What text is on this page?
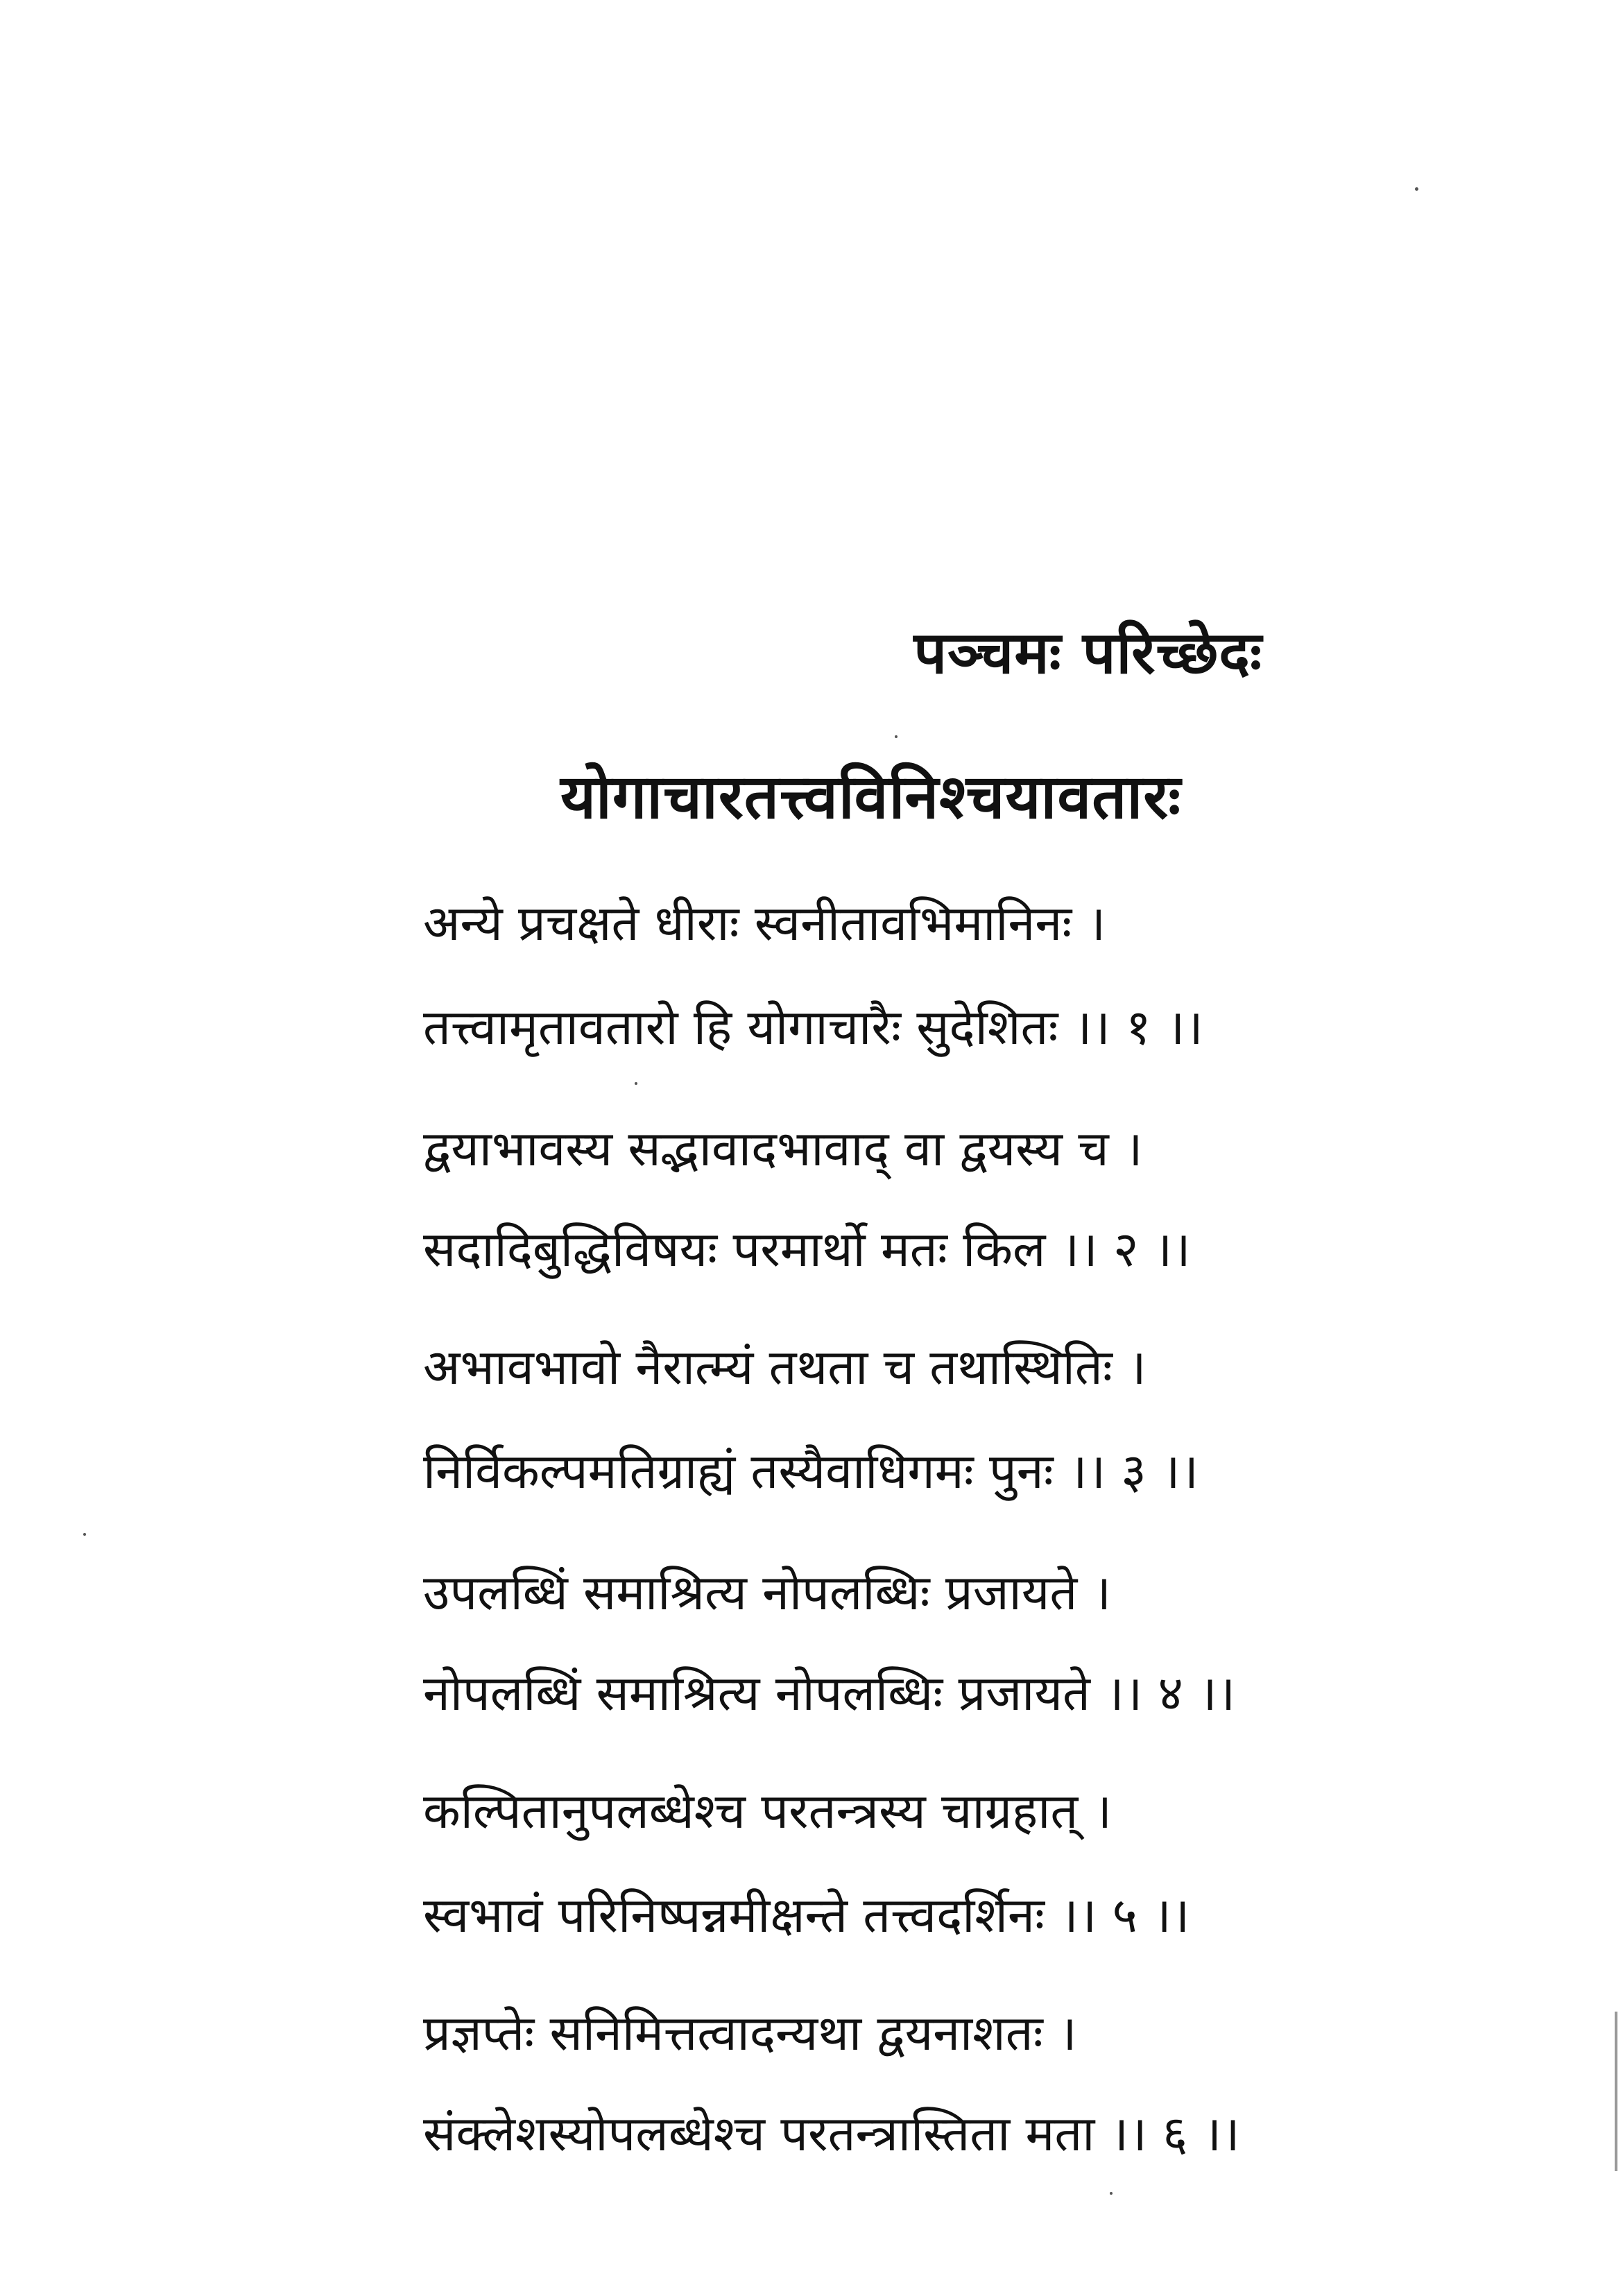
पञ्चमः परिच्छेदः
योगाचारतत्त्वविनिश्चयावतारः
अन्ये प्रचक्षते धीराः स्वनीतावभिमानिनः ।
तत्त्वामृतावतारो हि योगाचारैः सुदेशितः ।। १ ।।
द्वयाभावस्य सद्भावादभावाद् वा द्वयस्य च ।
सदादिबुद्धिविषयः परमार्थो मतः किल ।। २ ।।
अभावभावो नैरात्म्यं तथता च तथास्थितिः ।
निर्विकल्पमतिग्राह्यं तस्यैवाधिगमः पुनः ।। ३ ।।
उपलब्धिं समाश्रित्य नोपलब्धिः प्रजायते ।
नोपलब्धिं समाश्रित्य नोपलब्धिः प्रजायते ।। ४ ।।
कल्पितानुपलब्धेश्च परतन्त्रस्य चाग्रहात् ।
स्वभावं परिनिष्पन्नमीक्षन्ते तत्त्वदर्शिनः ।। ५ ।।
प्रज्ञप्तेः सनिमित्तत्वादन्यथा द्वयनाशतः ।
संक्लेशस्योपलब्धेश्च परतन्त्रास्तिता मता ।। ६ ।।
